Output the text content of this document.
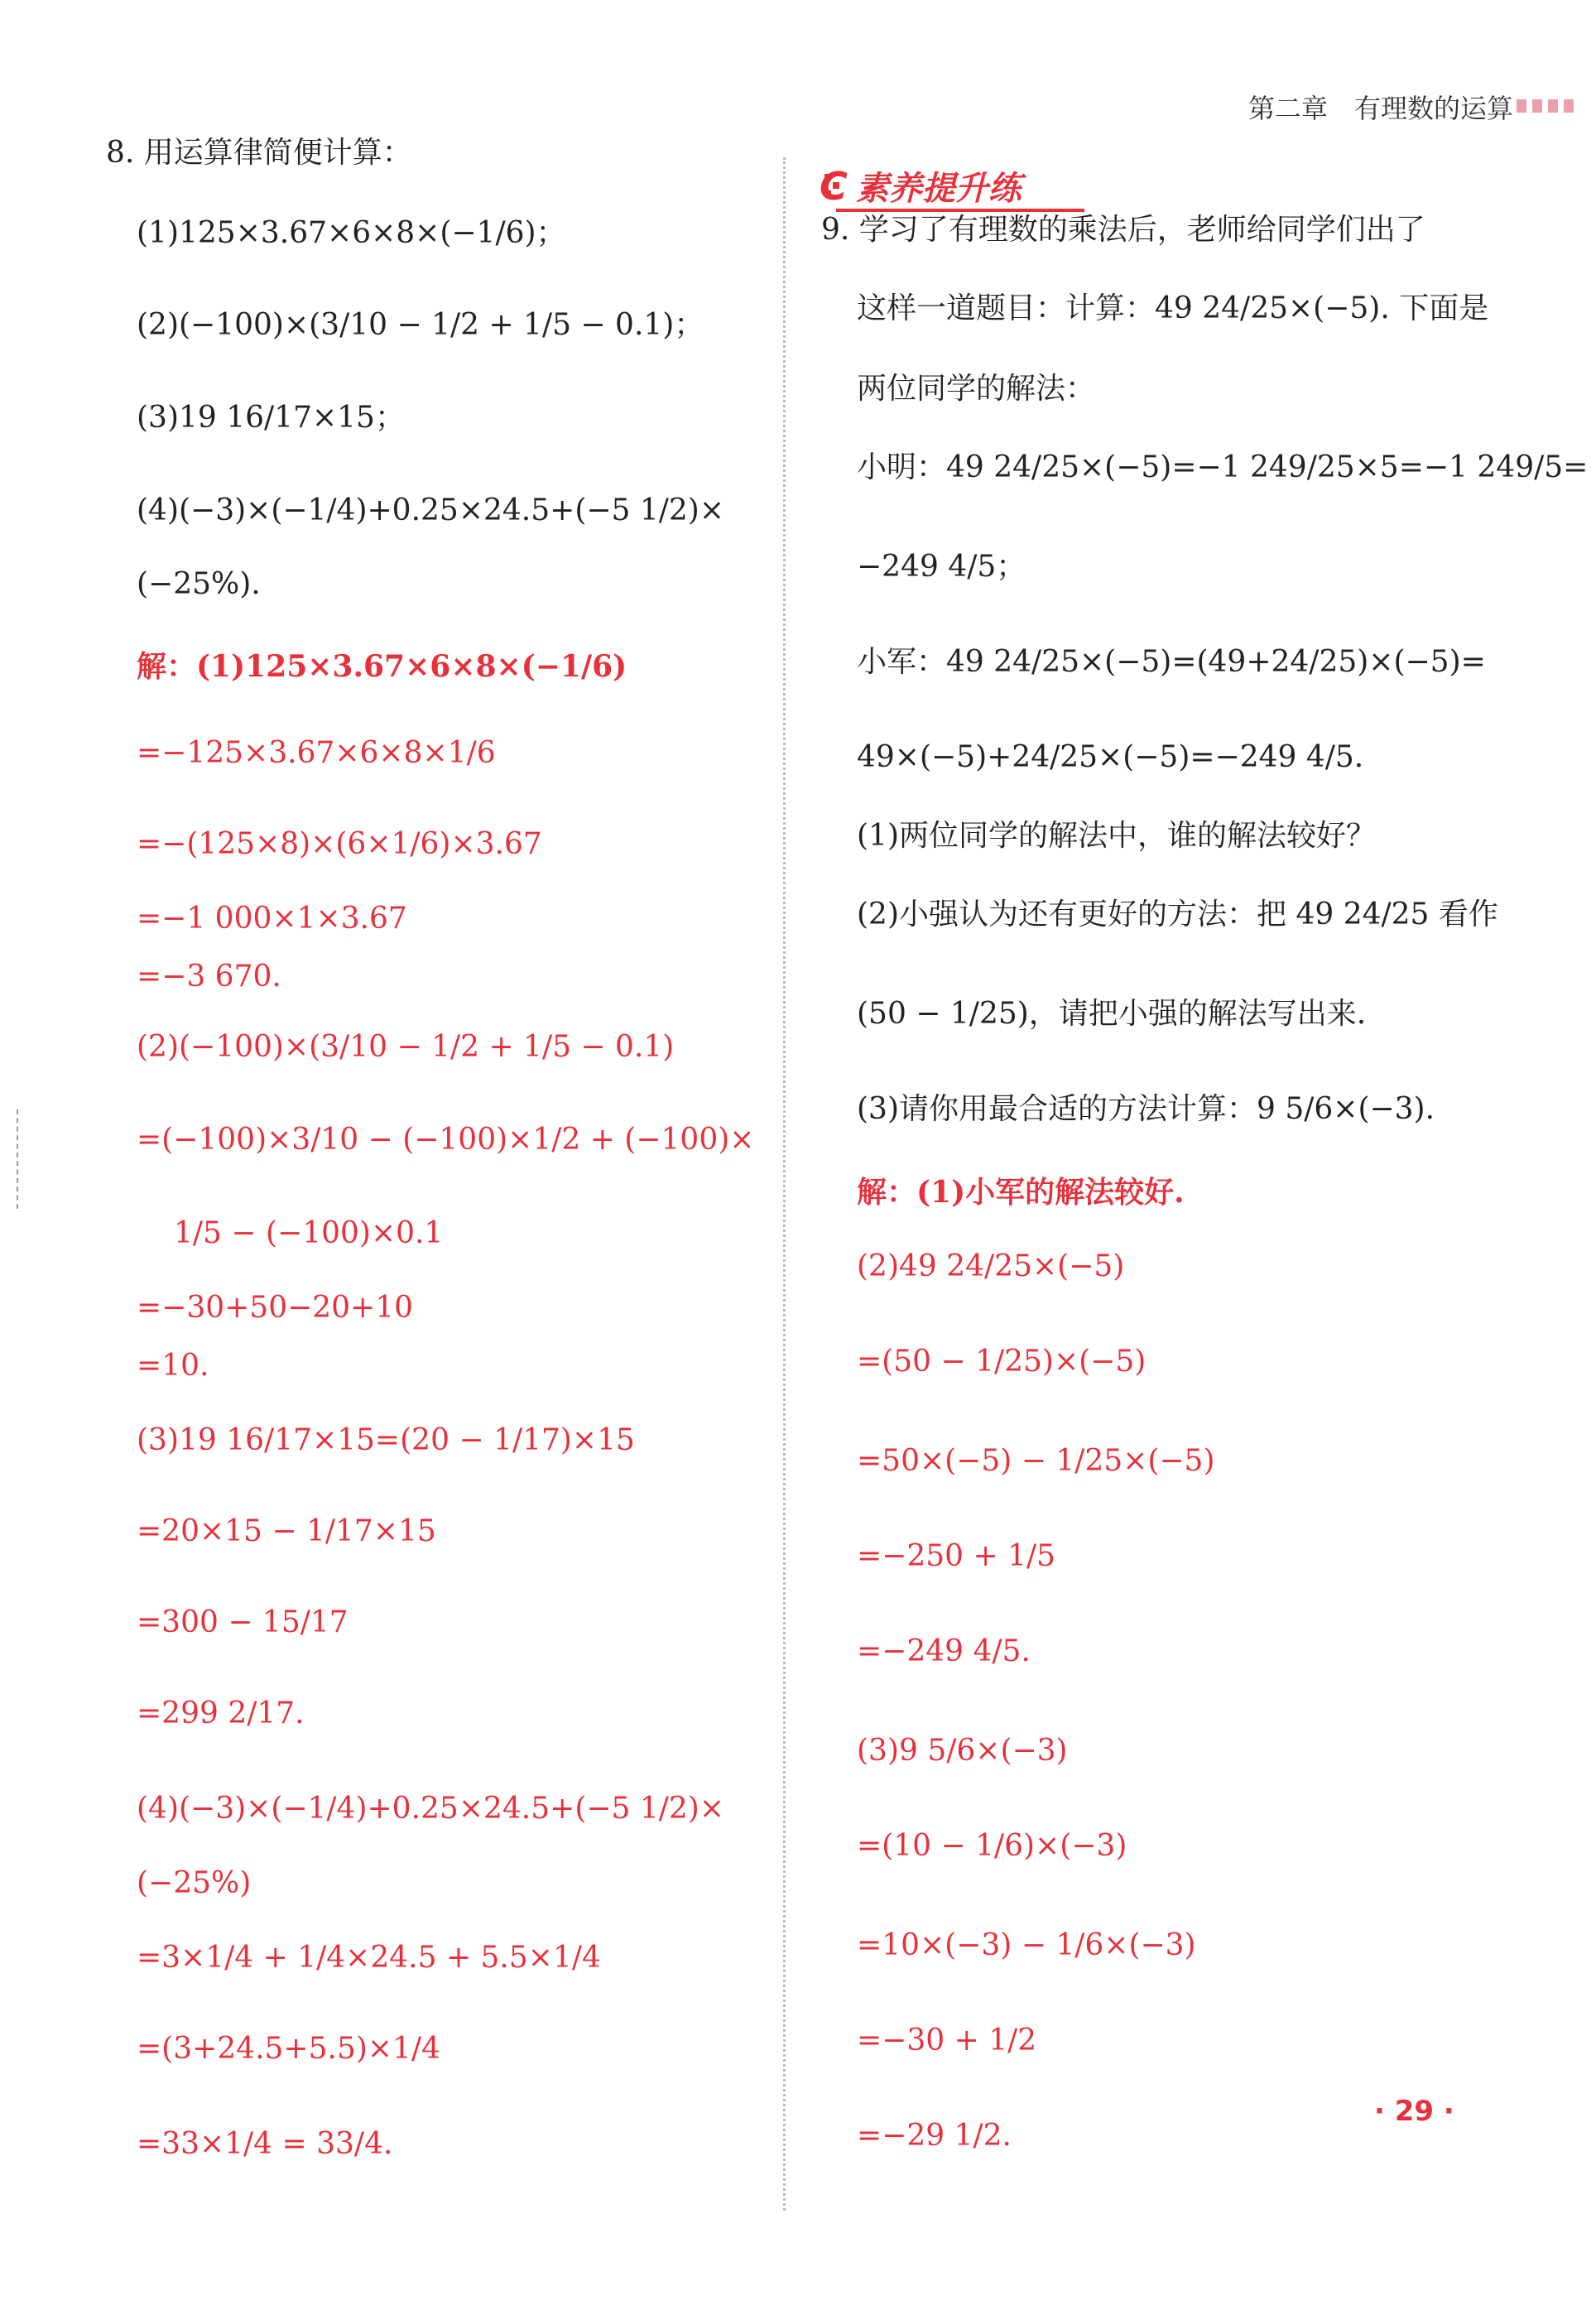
第二章　有理数的运算
C 素养提升练
8. 用运算律简便计算：
(1)125×3.67×6×8×(−1/6)；
(2)(−100)×(3/10 − 1/2 + 1/5 − 0.1)；
(3)19 16/17×15；
(4)(−3)×(−1/4)+0.25×24.5+(−5 1/2)×
(−25%).
解：(1)125×3.67×6×8×(−1/6)
=−125×3.67×6×8×1/6
=−(125×8)×(6×1/6)×3.67
=−1 000×1×3.67
=−3 670.
(2)(−100)×(3/10 − 1/2 + 1/5 − 0.1)
=(−100)×3/10 − (−100)×1/2 + (−100)×
1/5 − (−100)×0.1
=−30+50−20+10
=10.
(3)19 16/17×15=(20 − 1/17)×15
=20×15 − 1/17×15
=300 − 15/17
=299 2/17.
(4)(−3)×(−1/4)+0.25×24.5+(−5 1/2)×
(−25%)
=3×1/4 + 1/4×24.5 + 5.5×1/4
=(3+24.5+5.5)×1/4
=33×1/4 = 33/4.
9. 学习了有理数的乘法后，老师给同学们出了
这样一道题目：计算：49 24/25×(−5). 下面是
两位同学的解法：
小明：49 24/25×(−5)=−1 249/25×5=−1 249/5=
−249 4/5；
小军：49 24/25×(−5)=(49+24/25)×(−5)=
49×(−5)+24/25×(−5)=−249 4/5.
(1)两位同学的解法中，谁的解法较好？
(2)小强认为还有更好的方法：把 49 24/25 看作
(50 − 1/25)，请把小强的解法写出来.
(3)请你用最合适的方法计算：9 5/6×(−3).
解：(1)小军的解法较好.
(2)49 24/25×(−5)
=(50 − 1/25)×(−5)
=50×(−5) − 1/25×(−5)
=−250 + 1/5
=−249 4/5.
(3)9 5/6×(−3)
=(10 − 1/6)×(−3)
=10×(−3) − 1/6×(−3)
=−30 + 1/2
=−29 1/2.
· 29 ·
